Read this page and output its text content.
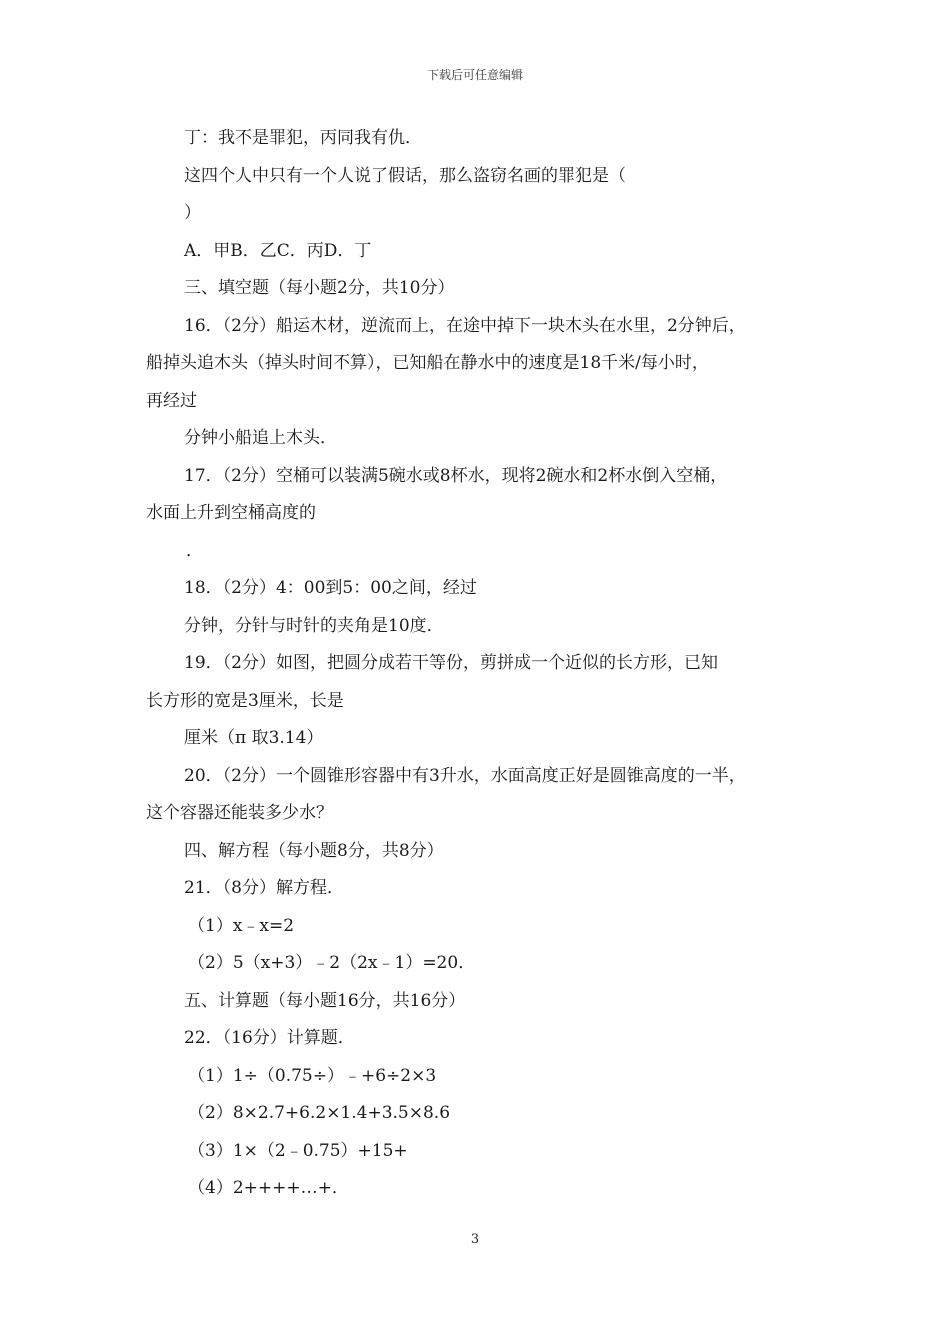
下载后可任意编辑
丁：我不是罪犯，丙同我有仇．
这四个人中只有一个人说了假话，那么盗窃名画的罪犯是（
）
A．甲B．乙C．丙D．丁
三、填空题（每小题2分，共10分）
16．（2分）船运木材，逆流而上，在途中掉下一块木头在水里，2分钟后，
船掉头追木头（掉头时间不算），已知船在静水中的速度是18千米/每小时，
再经过
分钟小船追上木头．
17．（2分）空桶可以装满5碗水或8杯水，现将2碗水和2杯水倒入空桶，
水面上升到空桶高度的
．
18．（2分）4：00到5：00之间，经过
分钟，分针与时针的夹角是10度．
19．（2分）如图，把圆分成若干等份，剪拼成一个近似的长方形，已知
长方形的宽是3厘米，长是
厘米（π 取3.14）
20．（2分）一个圆锥形容器中有3升水，水面高度正好是圆锥高度的一半，
这个容器还能装多少水？
四、解方程（每小题8分，共8分）
21．（8分）解方程．
（1）x﹣x=2
（2）5（x+3）﹣2（2x﹣1）=20．
五、计算题（每小题16分，共16分）
22．（16分）计算题．
（1）1÷（0.75÷）﹣+6÷2×3
（2）8×2.7+6.2×1.4+3.5×8.6
（3）1×（2﹣0.75）+15+
（4）2++++…+．
3
